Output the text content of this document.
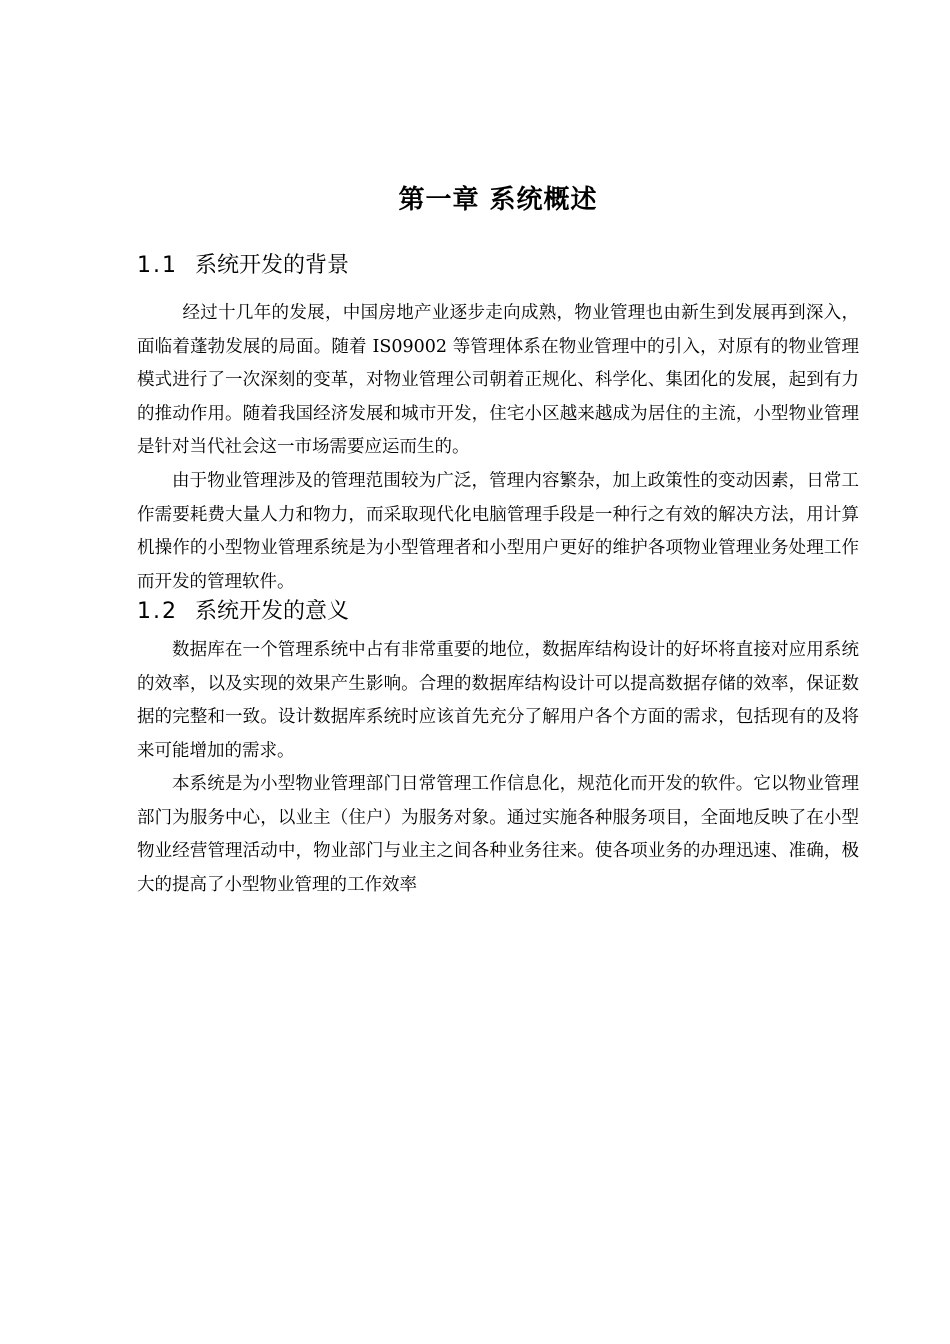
第一章 系统概述
1.1 系统开发的背景

经过十几年的发展，中国房地产业逐步走向成熟，物业管理也由新生到发展再到深入，面临着蓬勃发展的局面。随着 IS09002 等管理体系在物业管理中的引入，对原有的物业管理模式进行了一次深刻的变革，对物业管理公司朝着正规化、科学化、集团化的发展，起到有力的推动作用。随着我国经济发展和城市开发，住宅小区越来越成为居住的主流，小型物业管理是针对当代社会这一市场需要应运而生的。

由于物业管理涉及的管理范围较为广泛，管理内容繁杂，加上政策性的变动因素，日常工作需要耗费大量人力和物力，而采取现代化电脑管理手段是一种行之有效的解决方法，用计算机操作的小型物业管理系统是为小型管理者和小型用户更好的维护各项物业管理业务处理工作而开发的管理软件。

1.2 系统开发的意义

数据库在一个管理系统中占有非常重要的地位，数据库结构设计的好坏将直接对应用系统的效率，以及实现的效果产生影响。合理的数据库结构设计可以提高数据存储的效率，保证数据的完整和一致。设计数据库系统时应该首先充分了解用户各个方面的需求，包括现有的及将来可能增加的需求。

本系统是为小型物业管理部门日常管理工作信息化，规范化而开发的软件。它以物业管理部门为服务中心，以业主（住户）为服务对象。通过实施各种服务项目，全面地反映了在小型物业经营管理活动中，物业部门与业主之间各种业务往来。使各项业务的办理迅速、准确，极大的提高了小型物业管理的工作效率
